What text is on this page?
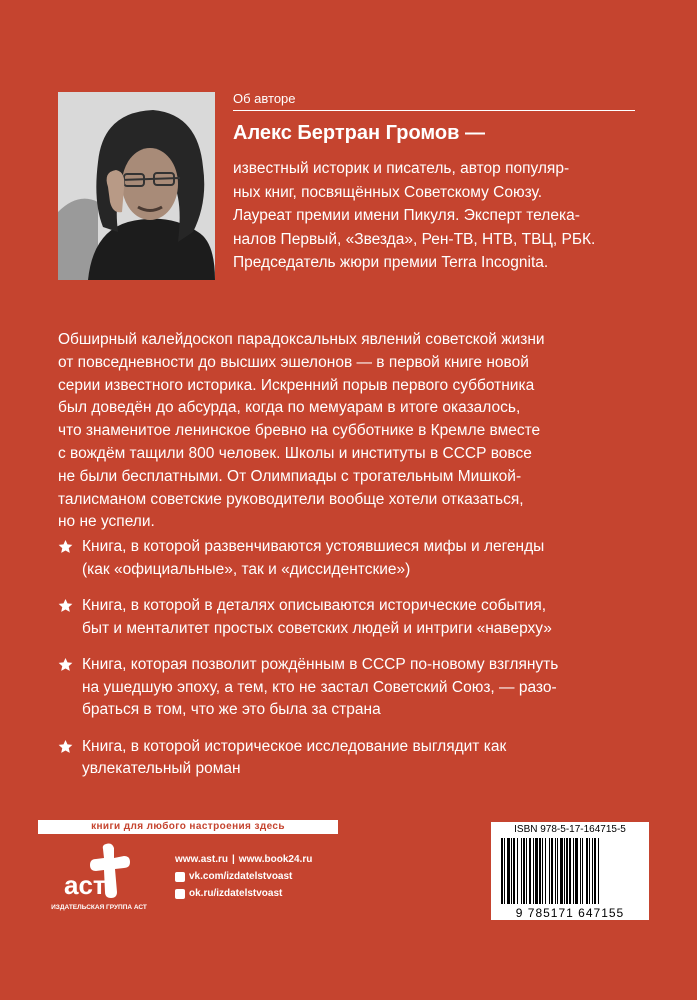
Об авторе
Алекс Бертран Громов —
известный историк и писатель, автор популяр-
ных книг, посвящённых Советскому Союзу.
Лауреат премии имени Пикуля. Эксперт телека-
налов Первый, «Звезда», Рен-ТВ, НТВ, ТВЦ, РБК.
Председатель жюри премии Terra Incognita.
Обширный калейдоскоп парадоксальных явлений советской жизни
от повседневности до высших эшелонов — в первой книге новой
серии известного историка. Искренний порыв первого субботника
был доведён до абсурда, когда по мемуарам в итоге оказалось,
что знаменитое ленинское бревно на субботнике в Кремле вместе
с вождём тащили 800 человек. Школы и институты в СССР вовсе
не были бесплатными. От Олимпиады с трогательным Мишкой-
талисманом советские руководители вообще хотели отказаться,
но не успели.
Книга, в которой развенчиваются устоявшиеся мифы и легенды
(как «официальные», так и «диссидентские»)
Книга, в которой в деталях описываются исторические события,
быт и менталитет простых советских людей и интриги «наверху»
Книга, которая позволит рождённым в СССР по-новому взглянуть
на ушедшую эпоху, а тем, кто не застал Советский Союз, — разо-
браться в том, что же это была за страна
Книга, в которой историческое исследование выглядит как
увлекательный роман
книги для любого настроения здесь
аст
ИЗДАТЕЛЬСКАЯ ГРУППА АСТ
www.ast.ru | www.book24.ru
vk.com/izdatelstvoast
ok.ru/izdatelstvoast
ISBN 978-5-17-164715-5
9 785171 647155
